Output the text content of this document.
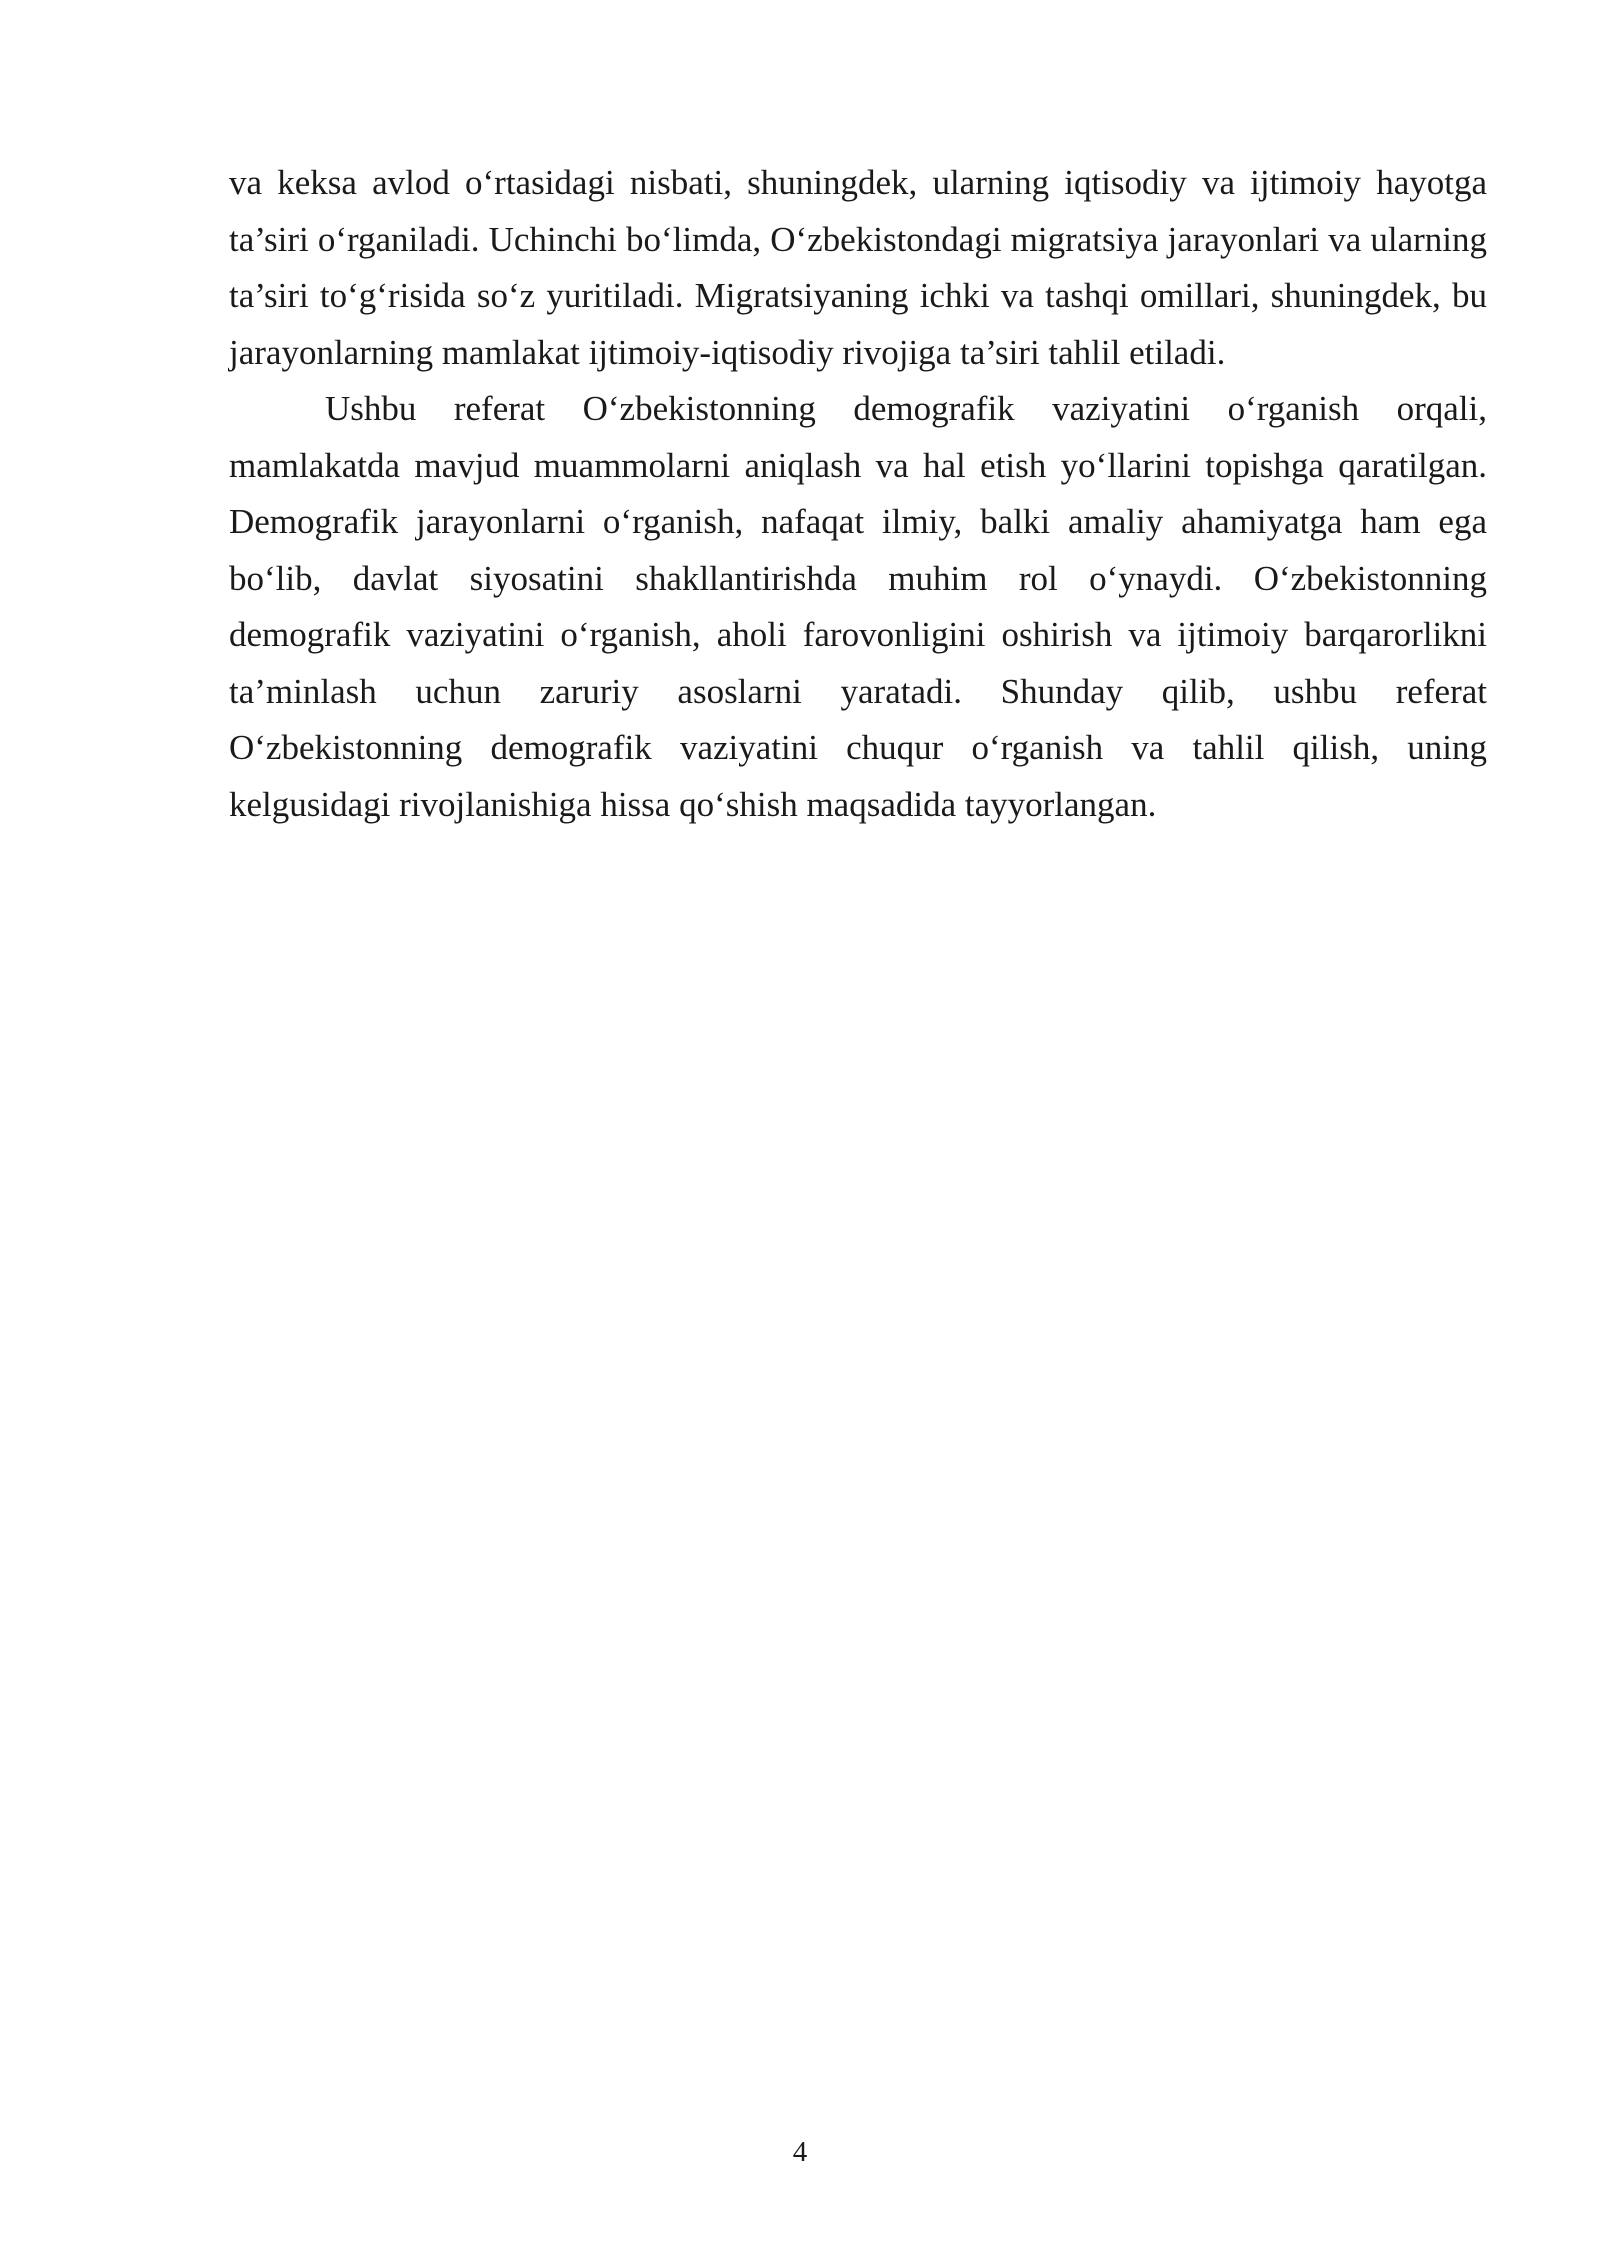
va keksa avlod o‘rtasidagi nisbati, shuningdek, ularning iqtisodiy va ijtimoiy hayotga ta’siri o‘rganiladi. Uchinchi bo‘limda, O‘zbekistondagi migratsiya jarayonlari va ularning ta’siri to‘g‘risida so‘z yuritiladi. Migratsiyaning ichki va tashqi omillari, shuningdek, bu jarayonlarning mamlakat ijtimoiy-iqtisodiy rivojiga ta’siri tahlil etiladi.

Ushbu referat O‘zbekistonning demografik vaziyatini o‘rganish orqali, mamlakatda mavjud muammolarni aniqlash va hal etish yo‘llarini topishga qaratilgan. Demografik jarayonlarni o‘rganish, nafaqat ilmiy, balki amaliy ahamiyatga ham ega bo‘lib, davlat siyosatini shakllantirishda muhim rol o‘ynaydi. O‘zbekistonning demografik vaziyatini o‘rganish, aholi farovonligini oshirish va ijtimoiy barqarorlikni ta’minlash uchun zaruriy asoslarni yaratadi. Shunday qilib, ushbu referat O‘zbekistonning demografik vaziyatini chuqur o‘rganish va tahlil qilish, uning kelgusidagi rivojlanishiga hissa qo‘shish maqsadida tayyorlangan.

4
